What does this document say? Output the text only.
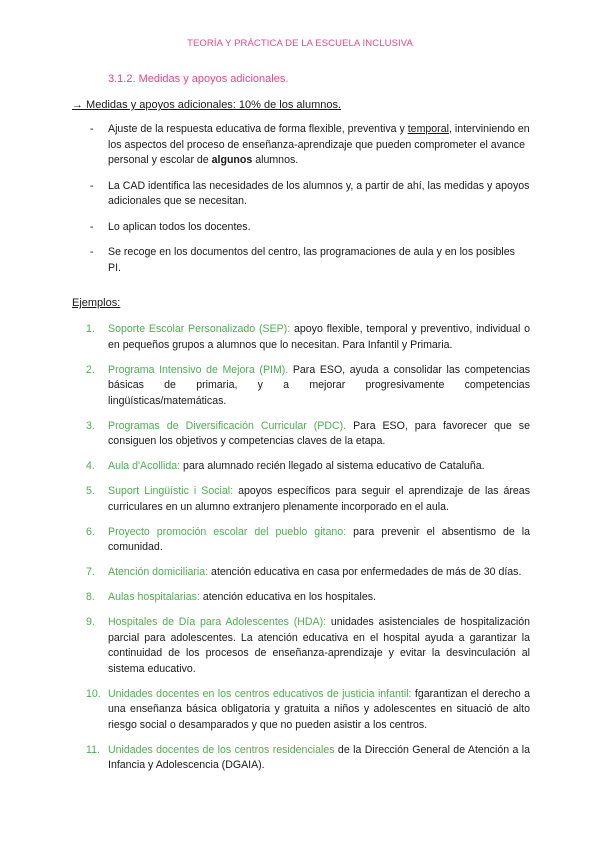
TEORÍA Y PRÁCTICA DE LA ESCUELA INCLUSIVA
3.1.2. Medidas y apoyos adicionales.
→ Medidas y apoyos adicionales: 10% de los alumnos.
- Ajuste de la respuesta educativa de forma flexible, preventiva y temporal, interviniendo en los aspectos del proceso de enseñanza-aprendizaje que pueden comprometer el avance personal y escolar de algunos alumnos.
- La CAD identifica las necesidades de los alumnos y, a partir de ahí, las medidas y apoyos adicionales que se necesitan.
- Lo aplican todos los docentes.
- Se recoge en los documentos del centro, las programaciones de aula y en los posibles PI.
Ejemplos:
1. Soporte Escolar Personalizado (SEP): apoyo flexible, temporal y preventivo, individual o en pequeños grupos a alumnos que lo necesitan. Para Infantil y Primaria.
2. Programa Intensivo de Mejora (PIM). Para ESO, ayuda a consolidar las competencias básicas de primaria, y a mejorar progresivamente competencias lingüísticas/matemáticas.
3. Programas de Diversificación Curricular (PDC). Para ESO, para favorecer que se consiguen los objetivos y competencias claves de la etapa.
4. Aula d'Acollida: para alumnado recién llegado al sistema educativo de Cataluña.
5. Suport Lingüístic i Social: apoyos específicos para seguir el aprendizaje de las áreas curriculares en un alumno extranjero plenamente incorporado en el aula.
6. Proyecto promoción escolar del pueblo gitano: para prevenir el absentismo de la comunidad.
7. Atención domiciliaria: atención educativa en casa por enfermedades de más de 30 días.
8. Aulas hospitalarias: atención educativa en los hospitales.
9. Hospitales de Día para Adolescentes (HDA): unidades asistenciales de hospitalización parcial para adolescentes. La atención educativa en el hospital ayuda a garantizar la continuidad de los procesos de enseñanza-aprendizaje y evitar la desvinculación al sistema educativo.
10. Unidades docentes en los centros educativos de justicia infantil: fgarantizan el derecho a una enseñanza básica obligatoria y gratuita a niños y adolescentes en situació de alto riesgo social o desamparados y que no pueden asistir a los centros.
11. Unidades docentes de los centros residenciales de la Dirección General de Atención a la Infancia y Adolescencia (DGAIA).
